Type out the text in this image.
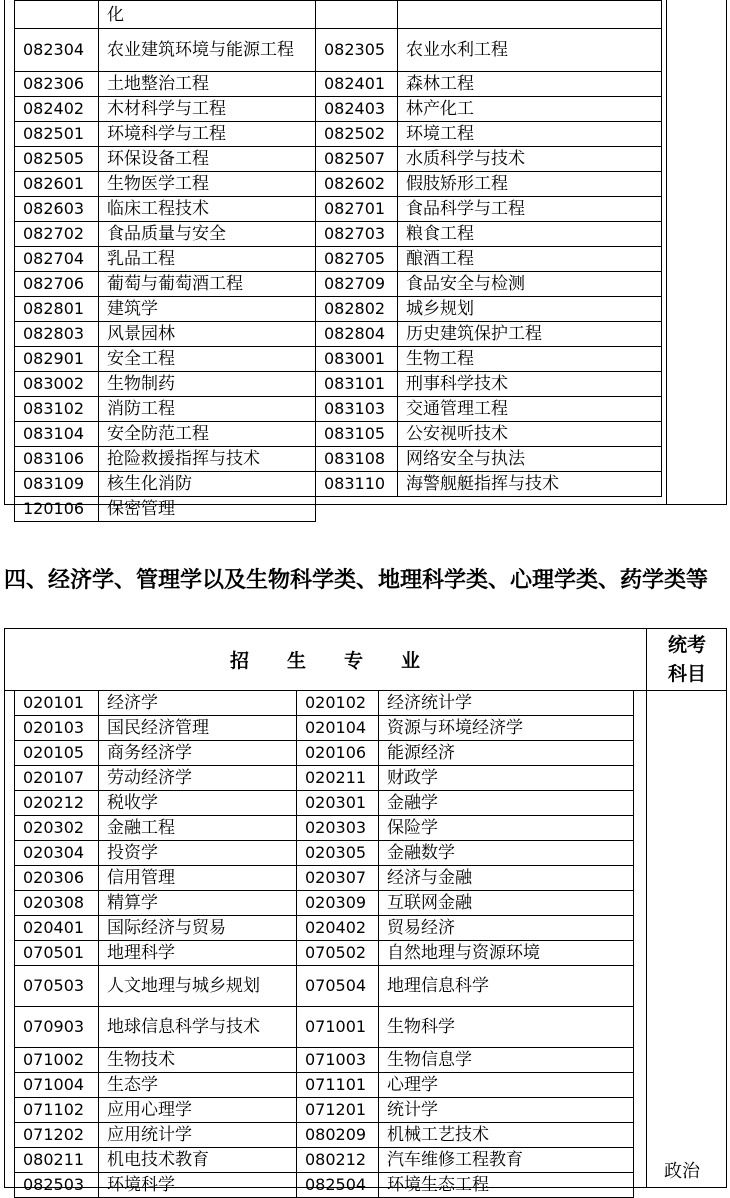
	化		
082304	农业建筑环境与能源工程	082305	农业水利工程
082306	土地整治工程	082401	森林工程
082402	木材科学与工程	082403	林产化工
082501	环境科学与工程	082502	环境工程
082505	环保设备工程	082507	水质科学与技术
082601	生物医学工程	082602	假肢矫形工程
082603	临床工程技术	082701	食品科学与工程
082702	食品质量与安全	082703	粮食工程
082704	乳品工程	082705	酿酒工程
082706	葡萄与葡萄酒工程	082709	食品安全与检测
082801	建筑学	082802	城乡规划
082803	风景园林	082804	历史建筑保护工程
082901	安全工程	083001	生物工程
083002	生物制药	083101	刑事科学技术
083102	消防工程	083103	交通管理工程
083104	安全防范工程	083105	公安视听技术
083106	抢险救援指挥与技术	083108	网络安全与执法
083109	核生化消防	083110	海警舰艇指挥与技术
120106	保密管理		
四、经济学、管理学以及生物科学类、地理科学类、心理学类、药学类等
招　　生　　专　　业
统考
科目
020101	经济学	020102	经济统计学
020103	国民经济管理	020104	资源与环境经济学
020105	商务经济学	020106	能源经济
020107	劳动经济学	020211	财政学
020212	税收学	020301	金融学
020302	金融工程	020303	保险学
020304	投资学	020305	金融数学
020306	信用管理	020307	经济与金融
020308	精算学	020309	互联网金融
020401	国际经济与贸易	020402	贸易经济
070501	地理科学	070502	自然地理与资源环境
070503	人文地理与城乡规划	070504	地理信息科学
070903	地球信息科学与技术	071001	生物科学
071002	生物技术	071003	生物信息学
071004	生态学	071101	心理学
071102	应用心理学	071201	统计学
071202	应用统计学	080209	机械工艺技术
080211	机电技术教育	080212	汽车维修工程教育
082503	环境科学	082504	环境生态工程
政治
